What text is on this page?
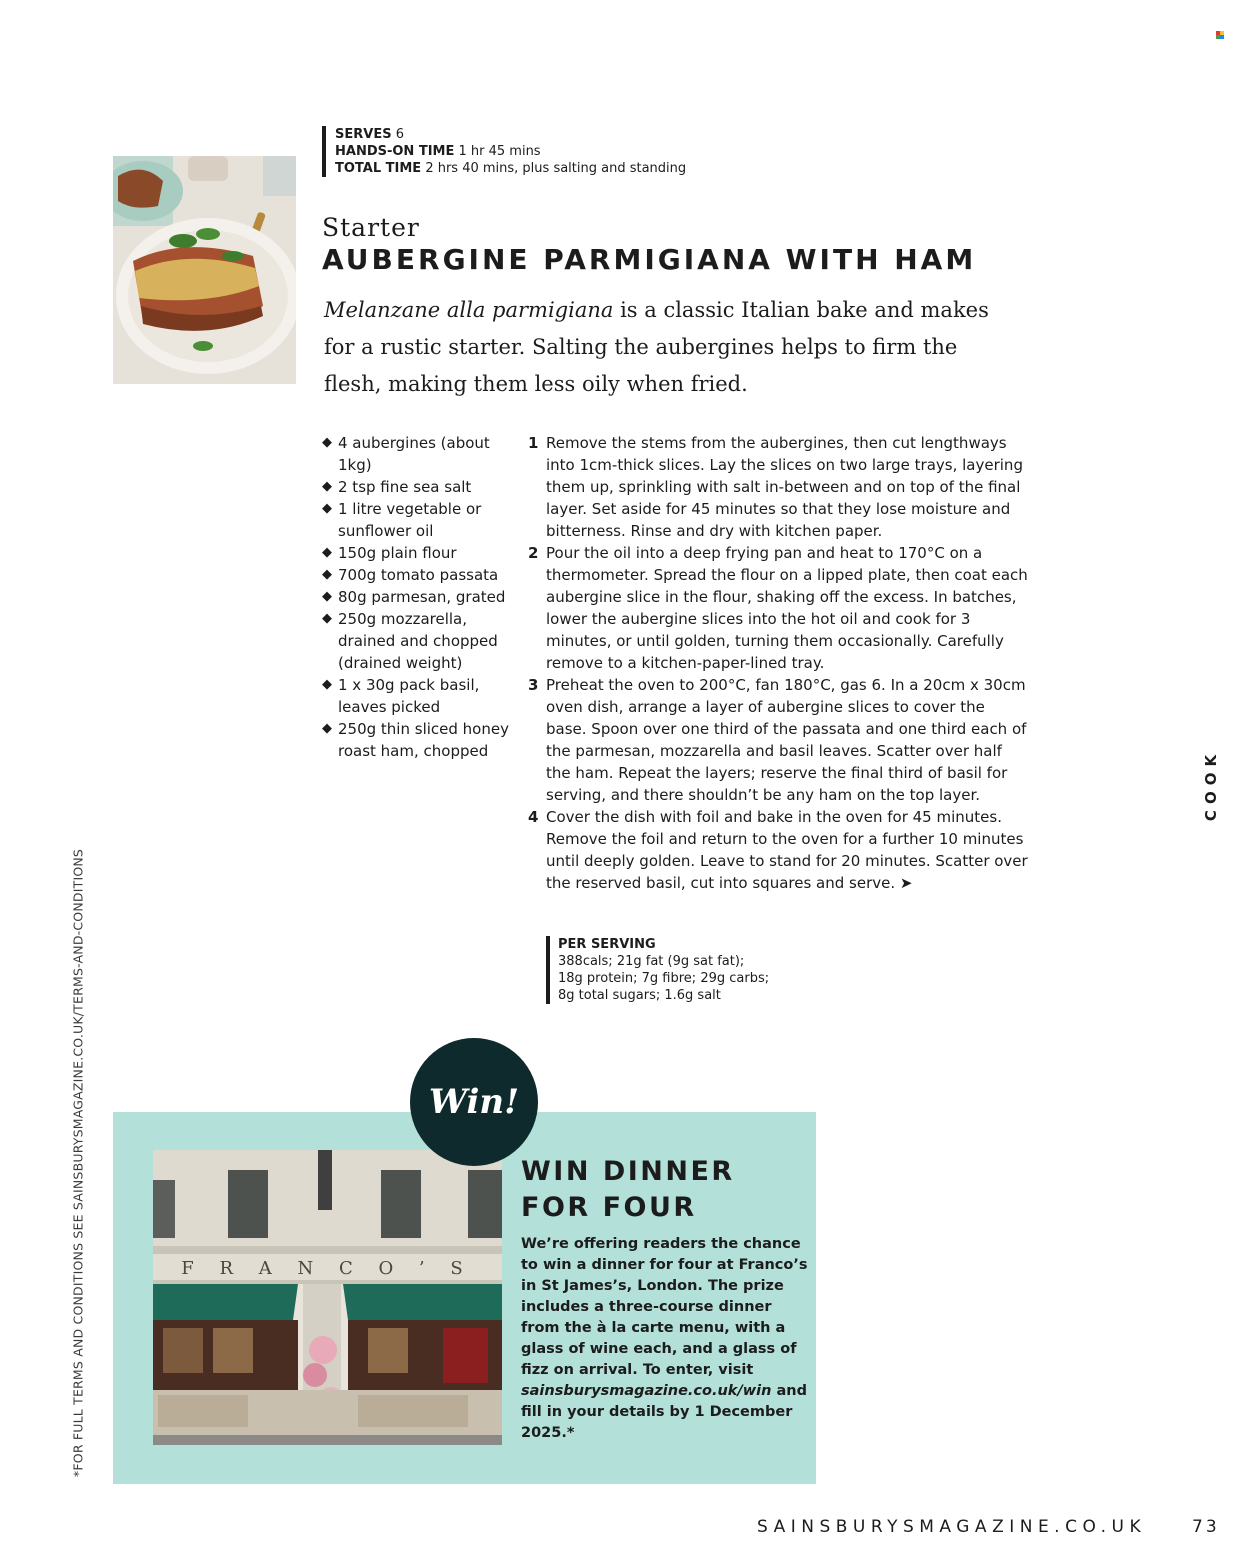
SERVES 6
HANDS-ON TIME 1 hr 45 mins
TOTAL TIME 2 hrs 40 mins, plus salting and standing
Starter
AUBERGINE PARMIGIANA WITH HAM
Melanzane alla parmigiana is a classic Italian bake and makes for a rustic starter. Salting the aubergines helps to firm the flesh, making them less oily when fried.
◆ 4 aubergines (about 1kg)
◆ 2 tsp fine sea salt
◆ 1 litre vegetable or sunflower oil
◆ 150g plain flour
◆ 700g tomato passata
◆ 80g parmesan, grated
◆ 250g mozzarella, drained and chopped (drained weight)
◆ 1 x 30g pack basil, leaves picked
◆ 250g thin sliced honey roast ham, chopped
1 Remove the stems from the aubergines, then cut lengthways into 1cm-thick slices. Lay the slices on two large trays, layering them up, sprinkling with salt in-between and on top of the final layer. Set aside for 45 minutes so that they lose moisture and bitterness. Rinse and dry with kitchen paper.
2 Pour the oil into a deep frying pan and heat to 170°C on a thermometer. Spread the flour on a lipped plate, then coat each aubergine slice in the flour, shaking off the excess. In batches, lower the aubergine slices into the hot oil and cook for 3 minutes, or until golden, turning them occasionally. Carefully remove to a kitchen-paper-lined tray.
3 Preheat the oven to 200°C, fan 180°C, gas 6. In a 20cm x 30cm oven dish, arrange a layer of aubergine slices to cover the base. Spoon over one third of the passata and one third each of the parmesan, mozzarella and basil leaves. Scatter over half the ham. Repeat the layers; reserve the final third of basil for serving, and there shouldn’t be any ham on the top layer.
4 Cover the dish with foil and bake in the oven for 45 minutes. Remove the foil and return to the oven for a further 10 minutes until deeply golden. Leave to stand for 20 minutes. Scatter over the reserved basil, cut into squares and serve. ➤
PER SERVING
388cals; 21g fat (9g sat fat);
18g protein; 7g fibre; 29g carbs;
8g total sugars; 1.6g salt
COOK
*FOR FULL TERMS AND CONDITIONS SEE SAINSBURYSMAGAZINE.CO.UK/TERMS-AND-CONDITIONS	F R A N C O ’ S
Win!
WIN DINNER FOR FOUR
We’re offering readers the chance to win a dinner for four at Franco’s in St James’s, London. The prize includes a three-course dinner from the à la carte menu, with a glass of wine each, and a glass of fizz on arrival. To enter, visit sainsburysmagazine.co.uk/win and fill in your details by 1 December 2025.*
SAINSBURYSMAGAZINE.CO.UK	73
